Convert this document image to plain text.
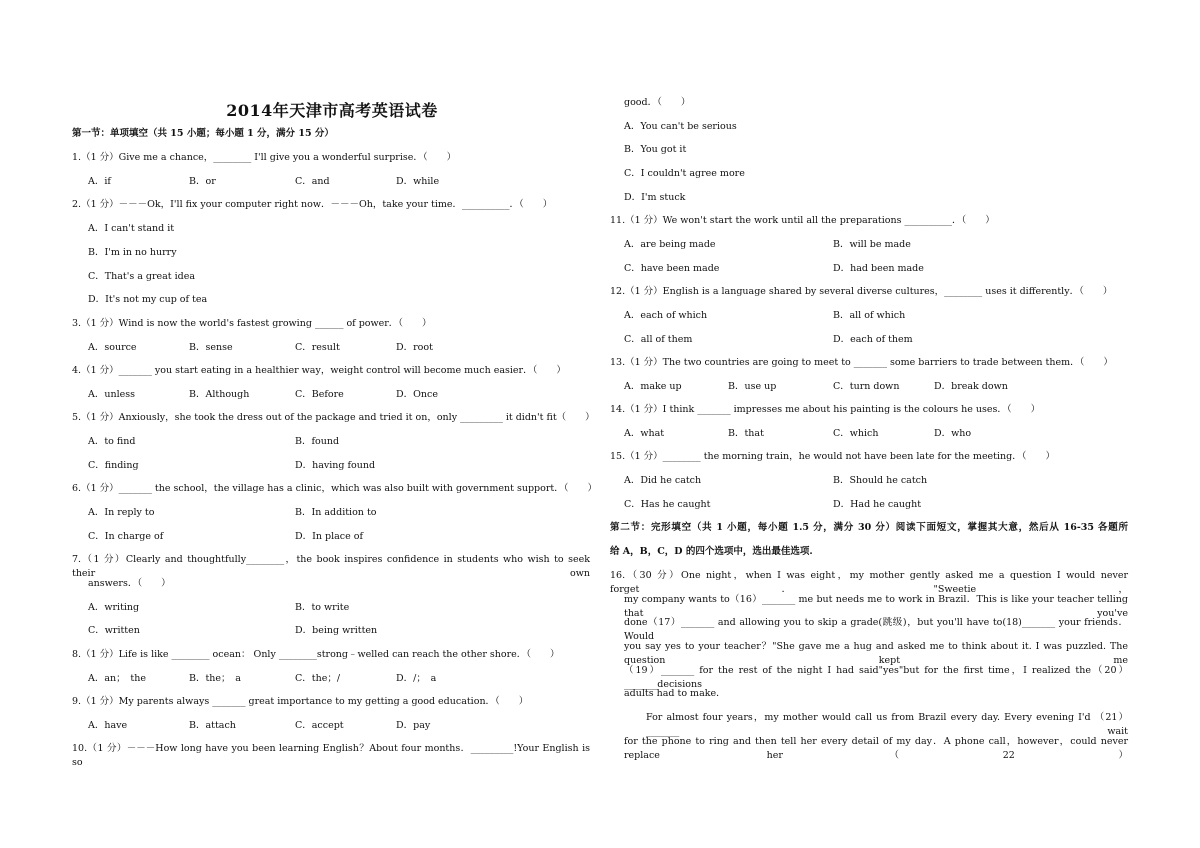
2014年天津市高考英语试卷
第一节：单项填空（共 15 小题；每小题 1 分，满分 15 分）
1.（1 分）Give me a chance，________ I'll give you a wonderful surprise．（　　）
A．if	B．or	C．and	D．while
2.（1 分）－－－Ok，I'll fix your computer right now．－－－Oh，take your time．__________．（　　）
A．I can't stand it
B．I'm in no hurry
C．That's a great idea
D．It's not my cup of tea
3.（1 分）Wind is now the world's fastest growing ______ of power．（　　）
A．source	B．sense	C．result	D．root
4.（1 分）_______ you start eating in a healthier way，weight control will become much easier．（　　）
A．unless	B．Although	C．Before	D．Once
5.（1 分）Anxiously，she took the dress out of the package and tried it on，only _________ it didn't fit（　　）
A．to find	B．found
C．finding	D．having found
6.（1 分）_______ the school，the village has a clinic，which was also built with government support．（　　）
A．In reply to	B．In addition to
C．In charge of	D．In place of
7.（1 分）Clearly and thoughtfully________，the book inspires confidence in students who wish to seek their own
answers．（　　）
A．writing	B．to write
C．written	D．being written
8.（1 分）Life is like ________ ocean： Only ________strong﹣welled can reach the other shore．（　　）
A．an；　the	B．the；　a	C．the；/	D．/；　a
9.（1 分）My parents always _______ great importance to my getting a good education．（　　）
A．have	B．attach	C．accept	D．pay
10.（1 分）－－－How long have you been learning English？About four months．_________!Your English is so
good．（　　）
A．You can't be serious
B．You got it
C．I couldn't agree more
D．I'm stuck
11.（1 分）We won't start the work until all the preparations __________．（　　）
A．are being made	B．will be made
C．have been made	D．had been made
12.（1 分）English is a language shared by several diverse cultures，________ uses it differently．（　　）
A．each of which	B．all of which
C．all of them	D．each of them
13.（1 分）The two countries are going to meet to _______ some barriers to trade between them．（　　）
A．make up	B．use up	C．turn down	D．break down
14.（1 分）I think _______ impresses me about his painting is the colours he uses．（　　）
A．what	B．that	C．which	D．who
15.（1 分）________ the morning train，he would not have been late for the meeting．（　　）
A．Did he catch	B．Should he catch
C．Has he caught	D．Had he caught
第二节：完形填空（共 1 小题，每小题 1.5 分，满分 30 分）阅读下面短文，掌握其大意，然后从 16-35 各题所
给 A，B，C，D 的四个选项中，选出最佳选项.
16.（30 分）One night，when I was eight，my mother gently asked me a question I would never forget．"Sweetie，
my company wants to（16）_______ me but needs me to work in Brazil．This is like your teacher telling that you've
done（17）_______ and allowing you to skip a grade(跳级)，but you'll have to(18)_______ your friends．Would
you say yes to your teacher？"She gave me a hug and asked me to think about it. I was puzzled. The question kept me
（19）_______ for the rest of the night I had said"yes"but for the first time，I realized the（20）_______decisions
adults had to make．
For almost four years，my mother would call us from Brazil every day. Every evening I'd （21）_______ wait
for the phone to ring and then tell her every detail of my day．A phone call，however，could never replace her （22）
